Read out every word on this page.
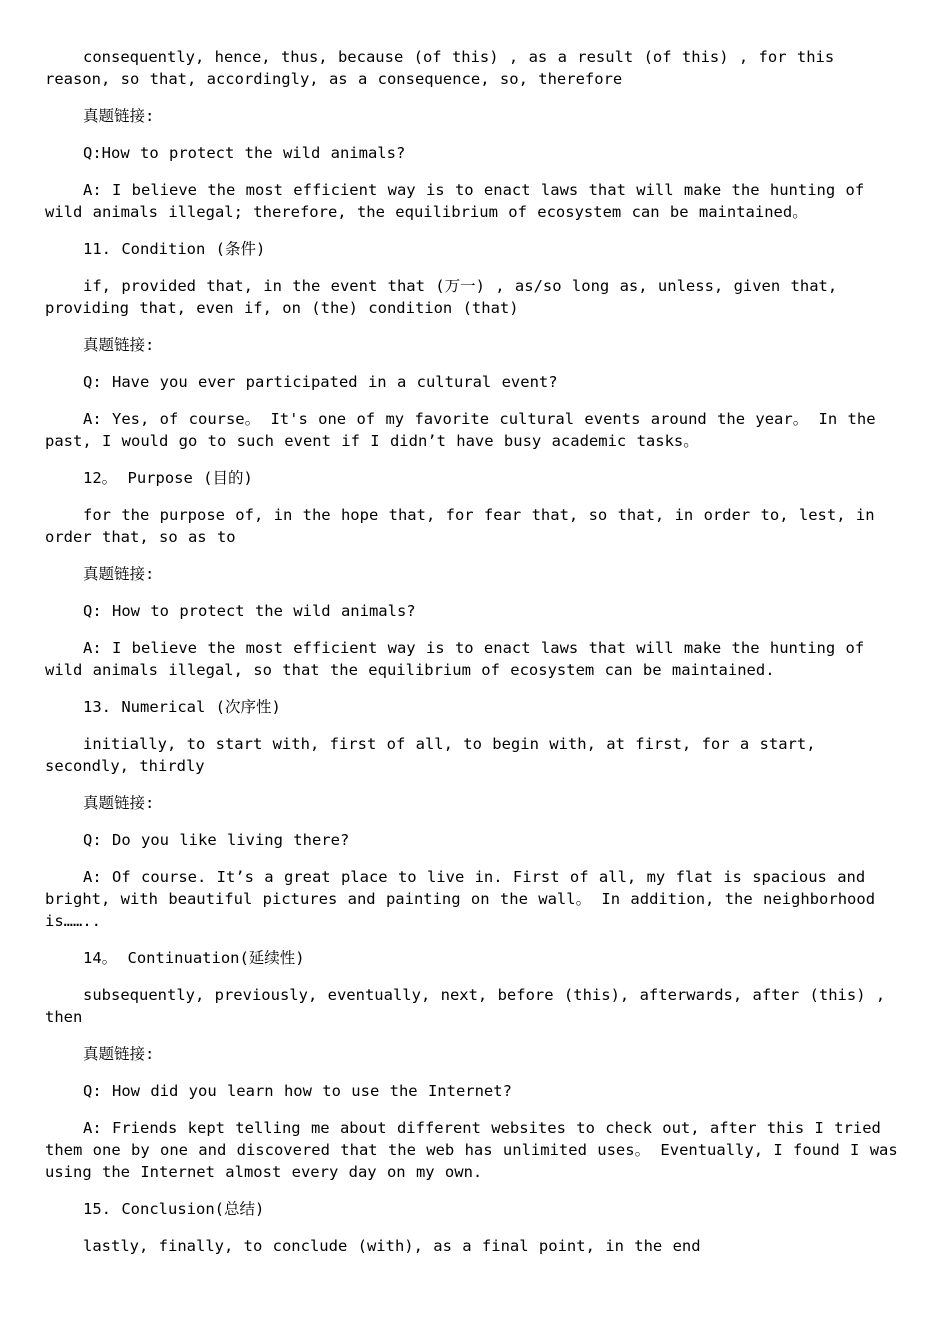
consequently, hence, thus, because (of this) , as a result (of this) , for this reason, so that, accordingly, as a consequence, so, therefore

真题链接:

Q:How to protect the wild animals?

A: I believe the most efficient way is to enact laws that will make the hunting of wild animals illegal; therefore, the equilibrium of ecosystem can be maintained。

11. Condition (条件)

if, provided that, in the event that (万一) , as/so long as, unless, given that, providing that, even if, on (the) condition (that)

真题链接:

Q: Have you ever participated in a cultural event?

A: Yes, of course。 It's one of my favorite cultural events around the year。 In the past, I would go to such event if I didn’t have busy academic tasks。

12。 Purpose (目的)

for the purpose of, in the hope that, for fear that, so that, in order to, lest, in order that, so as to

真题链接:

Q: How to protect the wild animals?

A: I believe the most efficient way is to enact laws that will make the hunting of wild animals illegal, so that the equilibrium of ecosystem can be maintained.

13. Numerical (次序性)

initially, to start with, first of all, to begin with, at first, for a start, secondly, thirdly

真题链接:

Q: Do you like living there?

A: Of course. It’s a great place to live in. First of all, my flat is spacious and bright, with beautiful pictures and painting on the wall。 In addition, the neighborhood is……..

14。 Continuation(延续性)

subsequently, previously, eventually, next, before (this), afterwards, after (this) , then

真题链接:

Q: How did you learn how to use the Internet?

A: Friends kept telling me about different websites to check out, after this I tried them one by one and discovered that the web has unlimited uses。 Eventually, I found I was using the Internet almost every day on my own.

15. Conclusion(总结)

lastly, finally, to conclude (with), as a final point, in the end
